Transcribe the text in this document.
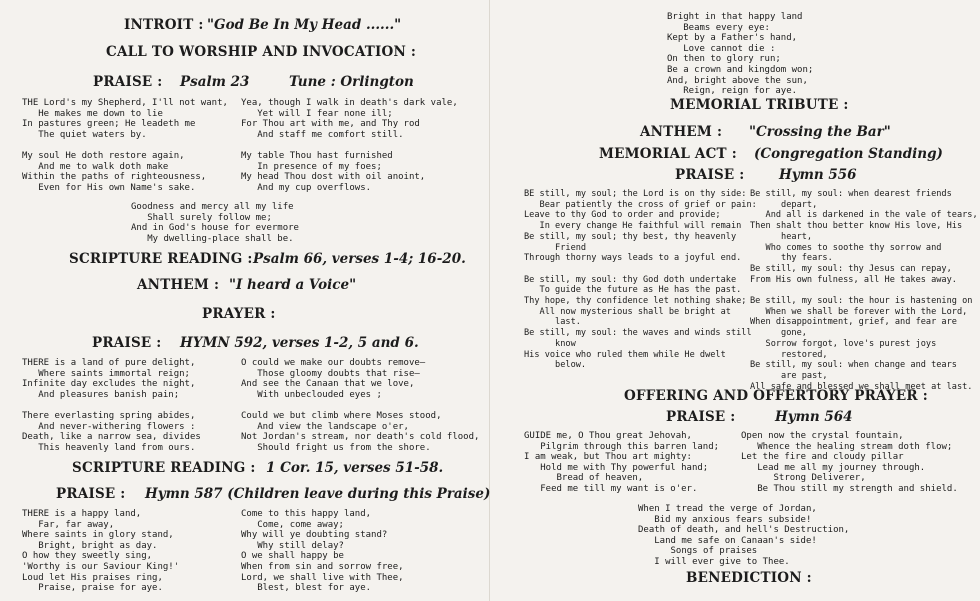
INTROIT : "God Be In My Head ......"
CALL TO WORSHIP AND INVOCATION :
PRAISE : Psalm 23	Tune : Orlington
THE Lord's my Shepherd, I'll not want,
He makes me down to lie
In pastures green; He leadeth me
The quiet waters by.

My soul He doth restore again,
And me to walk doth make
Within the paths of righteousness,
Even for His own Name's sake.
Yea, though I walk in death's dark vale,
Yet will I fear none ill;
For Thou art with me, and Thy rod
And staff me comfort still.

My table Thou hast furnished
In presence of my foes;
My head Thou dost with oil anoint,
And my cup overflows.
Goodness and mercy all my life
Shall surely follow me;
And in God's house for evermore
My dwelling-place shall be.
SCRIPTURE READING : Psalm 66, verses 1-4; 16-20.
ANTHEM : "I heard a Voice"
PRAYER :
PRAISE : HYMN 592, verses 1-2, 5 and 6.
THERE is a land of pure delight,
Where saints immortal reign;
Infinite day excludes the night,
And pleasures banish pain;

There everlasting spring abides,
And never-withering flowers :
Death, like a narrow sea, divides
This heavenly land from ours.
O could we make our doubts remove—
Those gloomy doubts that rise—
And see the Canaan that we love,
With unbeclouded eyes ;

Could we but climb where Moses stood,
And view the landscape o'er,
Not Jordan's stream, nor death's cold flood,
Should fright us from the shore.
SCRIPTURE READING : 1 Cor. 15, verses 51-58.
PRAISE : Hymn 587 (Children leave during this Praise)
THERE is a happy land,
Far, far away,
Where saints in glory stand,
Bright, bright as day.
O how they sweetly sing,
'Worthy is our Saviour King!'
Loud let His praises ring,
Praise, praise for aye.
Come to this happy land,
Come, come away;
Why will ye doubting stand?
Why still delay?
O we shall happy be
When from sin and sorrow free,
Lord, we shall live with Thee,
Blest, blest for aye.
Bright in that happy land
Beams every eye:
Kept by a Father's hand,
Love cannot die :
On then to glory run;
Be a crown and kingdom won;
And, bright above the sun,
Reign, reign for aye.
MEMORIAL TRIBUTE :
ANTHEM : "Crossing the Bar"
MEMORIAL ACT : (Congregation Standing)
PRAISE :	Hymn 556
BE still, my soul; the Lord is on thy side:
Bear patiently the cross of grief or pain:
Leave to thy God to order and provide;
In every change He faithful will remain
Be still, my soul; thy best, thy heavenly
Friend
Through thorny ways leads to a joyful end.

Be still, my soul: thy God doth undertake
To guide the future as He has the past.
Thy hope, thy confidence let nothing shake;
All now mysterious shall be bright at
last.
Be still, my soul: the waves and winds still
know
His voice who ruled them while He dwelt
below.
Be still, my soul: when dearest friends
depart,
And all is darkened in the vale of tears,
Then shalt thou better know His love, His
heart,
Who comes to soothe thy sorrow and
thy fears.
Be still, my soul: thy Jesus can repay,
From His own fulness, all He takes away.

Be still, my soul: the hour is hastening on
When we shall be forever with the Lord,
When disappointment, grief, and fear are
gone,
Sorrow forgot, love's purest joys
restored,
Be still, my soul: when change and tears
are past,
All safe and blessed we shall meet at last.
OFFERING AND OFFERTORY PRAYER :
PRAISE :	Hymn 564
GUIDE me, O Thou great Jehovah,
Pilgrim through this barren land;
I am weak, but Thou art mighty:
Hold me with Thy powerful hand;
Bread of heaven,
Feed me till my want is o'er.
Open now the crystal fountain,
Whence the healing stream doth flow;
Let the fire and cloudy pillar
Lead me all my journey through.
Strong Deliverer,
Be Thou still my strength and shield.
When I tread the verge of Jordan,
Bid my anxious fears subside!
Death of death, and hell's Destruction,
Land me safe on Canaan's side!
Songs of praises
I will ever give to Thee.
BENEDICTION :
